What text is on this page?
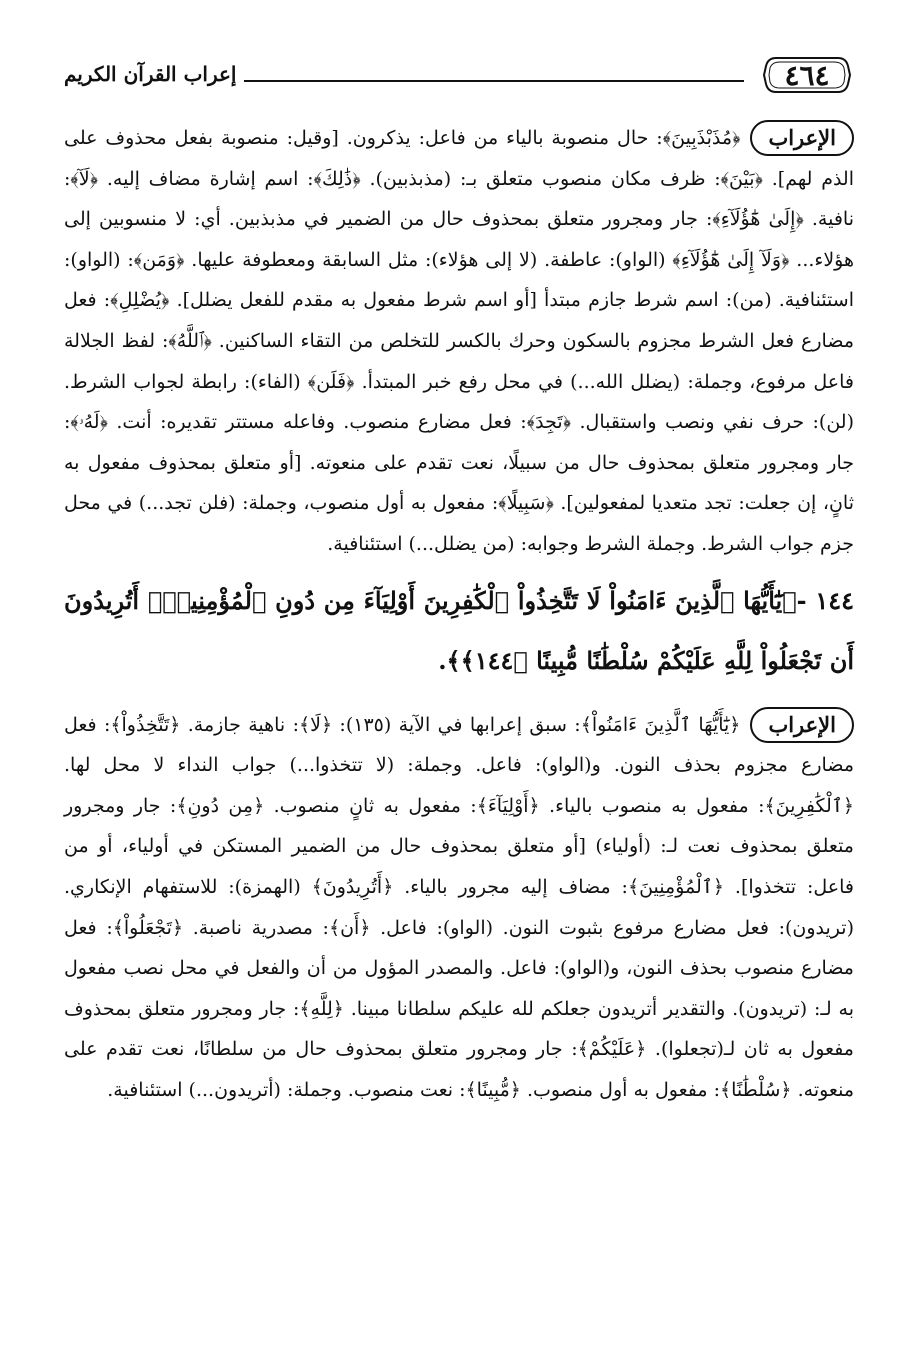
٤٦٤
إعراب القرآن الكريم
الإعراب

﴿مُذَبْذَبِينَ﴾: حال منصوبة بالياء من فاعل: يذكرون. [وقيل: منصوبة بفعل محذوف على الذم لهم]. ﴿بَيْنَ﴾: ظرف مكان منصوب متعلق بـ: (مذبذبين). ﴿ذَٰلِكَ﴾: اسم إشارة مضاف إليه. ﴿لَآ﴾: نافية. ﴿إِلَىٰ هَٰٓؤُلَآءِ﴾: جار ومجرور متعلق بمحذوف حال من الضمير في مذبذبين. أي: لا منسوبين إلى هؤلاء... ﴿وَلَآ إِلَىٰ هَٰٓؤُلَآءِ﴾ (الواو): عاطفة. (لا إلى هؤلاء): مثل السابقة ومعطوفة عليها. ﴿وَمَن﴾: (الواو): استئنافية. (من): اسم شرط جازم مبتدأ [أو اسم شرط مفعول به مقدم للفعل يضلل]. ﴿يُضْلِلِ﴾: فعل مضارع فعل الشرط مجزوم بالسكون وحرك بالكسر للتخلص من التقاء الساكنين. ﴿ٱللَّهُ﴾: لفظ الجلالة فاعل مرفوع، وجملة: (يضلل الله...) في محل رفع خبر المبتدأ. ﴿فَلَن﴾ (الفاء): رابطة لجواب الشرط. (لن): حرف نفي ونصب واستقبال. ﴿تَجِدَ﴾: فعل مضارع منصوب. وفاعله مستتر تقديره: أنت. ﴿لَهُۥ﴾: جار ومجرور متعلق بمحذوف حال من سبيلًا، نعت تقدم على منعوته. [أو متعلق بمحذوف مفعول به ثانٍ، إن جعلت: تجد متعديا لمفعولين]. ﴿سَبِيلًا﴾: مفعول به أول منصوب، وجملة: (فلن تجد...) في محل جزم جواب الشرط. وجملة الشرط وجوابه: (من يضلل...) استئنافية.

١٤٤ -﴿يَٰٓأَيُّهَا ٱلَّذِينَ ءَامَنُواْ لَا تَتَّخِذُواْ ٱلْكَٰفِرِينَ أَوْلِيَآءَ مِن دُونِ ٱلْمُؤْمِنِينَۚ أَتُرِيدُونَ أَن تَجْعَلُواْ لِلَّهِ عَلَيْكُمْ سُلْطَٰنًا مُّبِينًا ﴿١٤٤﴾﴾.
الإعراب

﴿يَٰٓأَيُّهَا ٱلَّذِينَ ءَامَنُواْ﴾: سبق إعرابها في الآية (١٣٥): ﴿لَا﴾: ناهية جازمة. ﴿تَتَّخِذُواْ﴾: فعل مضارع مجزوم بحذف النون. و(الواو): فاعل. وجملة: (لا تتخذوا...) جواب النداء لا محل لها. ﴿ٱلْكَٰفِرِينَ﴾: مفعول به منصوب بالياء. ﴿أَوْلِيَآءَ﴾: مفعول به ثانٍ منصوب. ﴿مِن دُونِ﴾: جار ومجرور متعلق بمحذوف نعت لـ: (أولياء) [أو متعلق بمحذوف حال من الضمير المستكن في أولياء، أو من فاعل: تتخذوا]. ﴿ٱلْمُؤْمِنِينَ﴾: مضاف إليه مجرور بالياء. ﴿أَتُرِيدُونَ﴾ (الهمزة): للاستفهام الإنكاري. (تريدون): فعل مضارع مرفوع بثبوت النون. (الواو): فاعل. ﴿أَن﴾: مصدرية ناصبة. ﴿تَجْعَلُواْ﴾: فعل مضارع منصوب بحذف النون، و(الواو): فاعل. والمصدر المؤول من أن والفعل في محل نصب مفعول به لـ: (تريدون). والتقدير أتريدون جعلكم لله عليكم سلطانا مبينا. ﴿لِلَّهِ﴾: جار ومجرور متعلق بمحذوف مفعول به ثان لـ(تجعلوا). ﴿عَلَيْكُمْ﴾: جار ومجرور متعلق بمحذوف حال من سلطانًا، نعت تقدم على منعوته. ﴿سُلْطَٰنًا﴾: مفعول به أول منصوب. ﴿مُّبِينًا﴾: نعت منصوب. وجملة: (أتريدون...) استئنافية.
